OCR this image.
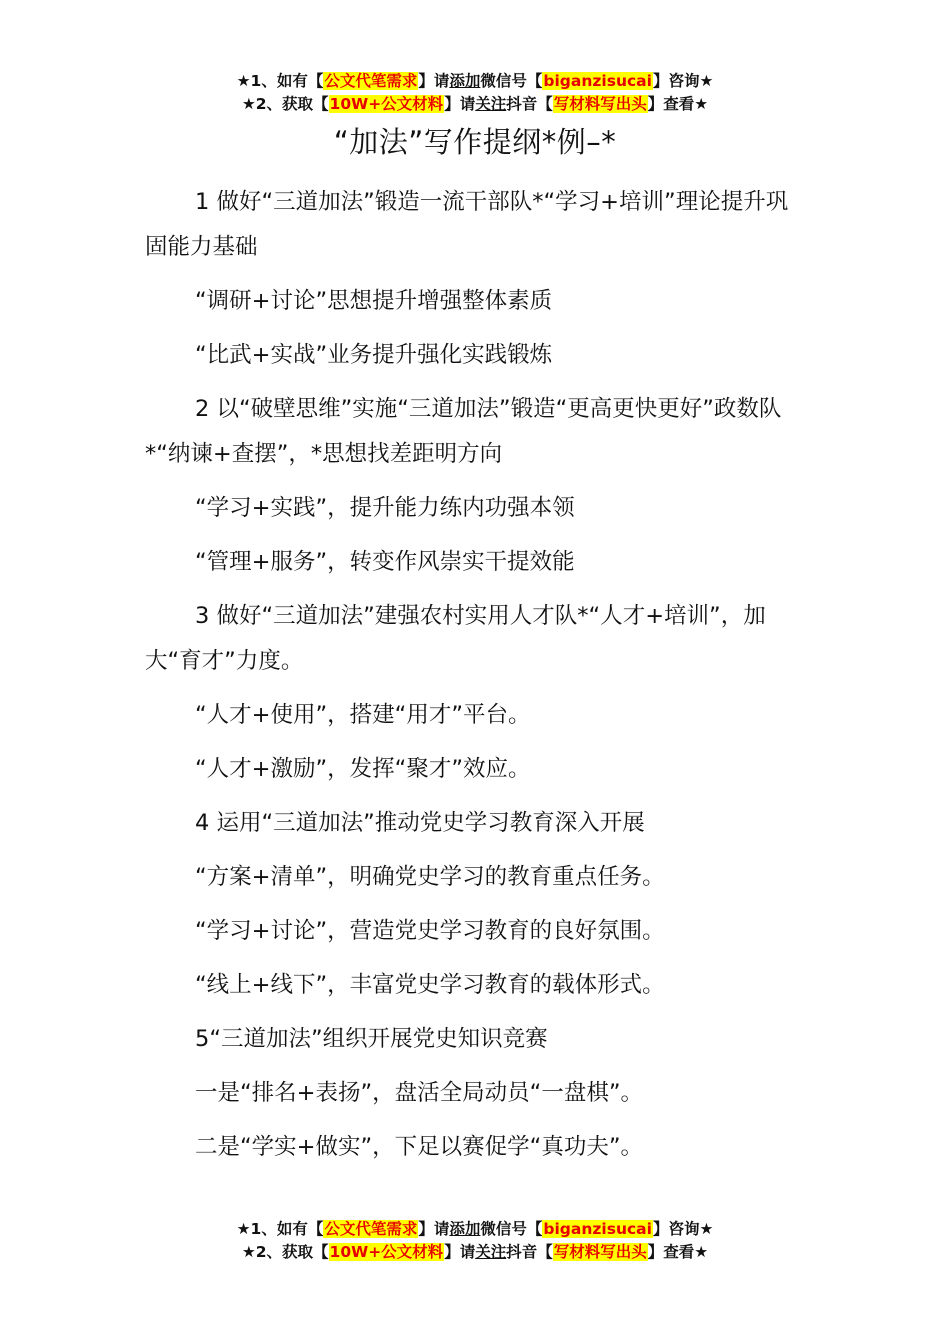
★1、如有【公文代笔需求】请添加微信号【biganzisucai】咨询★
★2、获取【10W+公文材料】请关注抖音【写材料写出头】查看★
“加法”写作提纲*例–*

1 做好“三道加法”锻造一流干部队*“学习+培训”理论提升巩固能力基础

“调研+讨论”思想提升增强整体素质

“比武+实战”业务提升强化实践锻炼

2 以“破壁思维”实施“三道加法”锻造“更高更快更好”政数队*“纳谏+查摆”，*思想找差距明方向

“学习+实践”，提升能力练内功强本领

“管理+服务”，转变作风崇实干提效能

3 做好“三道加法”建强农村实用人才队*“人才+培训”，加大“育才”力度。

“人才+使用”，搭建“用才”平台。

“人才+激励”，发挥“聚才”效应。

4 运用“三道加法”推动党史学习教育深入开展

“方案+清单”，明确党史学习的教育重点任务。

“学习+讨论”，营造党史学习教育的良好氛围。

“线上+线下”，丰富党史学习教育的载体形式。

5“三道加法”组织开展党史知识竞赛

一是“排名+表扬”，盘活全局动员“一盘棋”。

二是“学实+做实”，下足以赛促学“真功夫”。

★1、如有【公文代笔需求】请添加微信号【biganzisucai】咨询★
★2、获取【10W+公文材料】请关注抖音【写材料写出头】查看★
